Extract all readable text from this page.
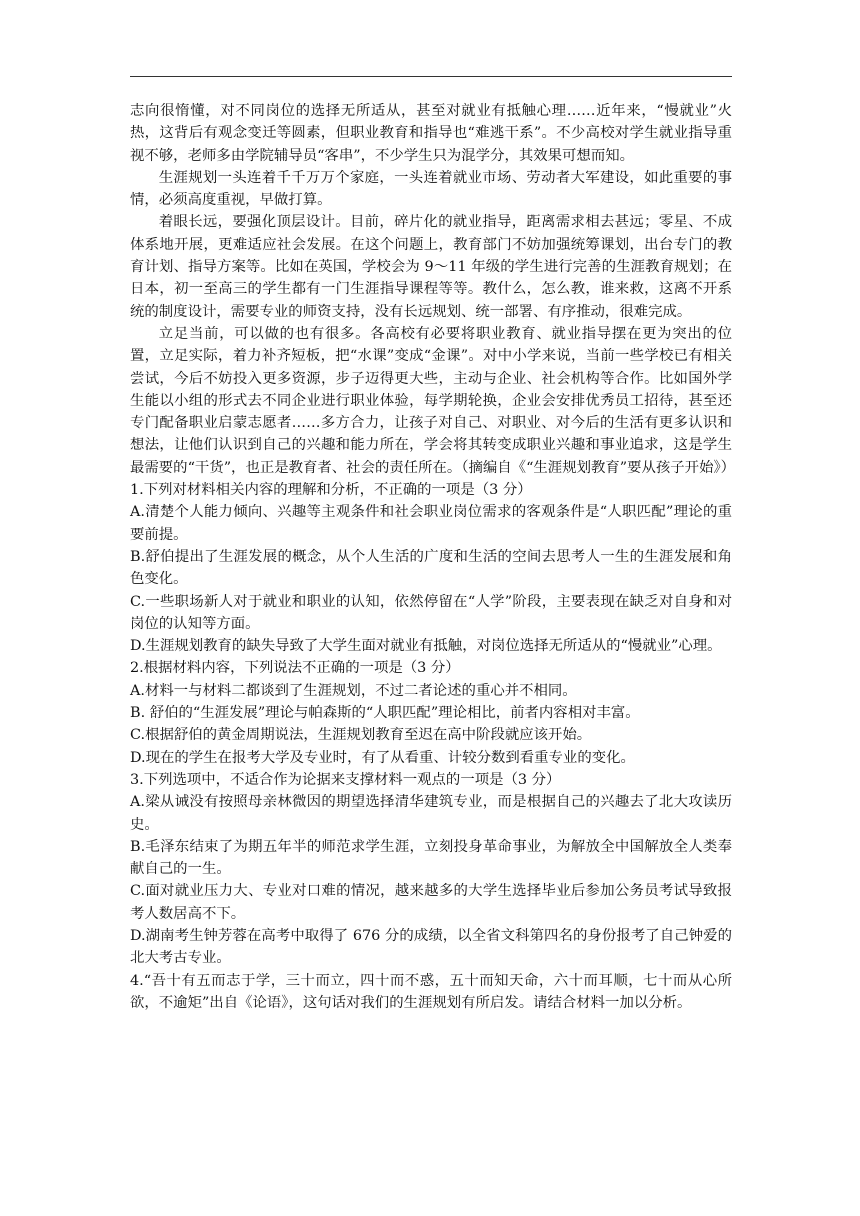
志向很惰懂，对不同岗位的选择无所适从，甚至对就业有抵触心理……近年来，“慢就业”火热，这背后有观念变迁等圆素，但职业教育和指导也“难逃干系”。不少高校对学生就业指导重视不够，老师多由学院辅导员“客串”，不少学生只为混学分，其效果可想而知。

生涯规划一头连着千千万万个家庭，一头连着就业市场、劳动者大军建设，如此重要的事情，必须高度重视，早做打算。

着眼长远，要强化顶层设计。目前，碎片化的就业指导，距离需求相去甚远；零星、不成体系地开展，更难适应社会发展。在这个问题上，教育部门不妨加强统筹课划，出台专门的教育计划、指导方案等。比如在英国，学校会为 9～11 年级的学生进行完善的生涯教育规划；在日本，初一至高三的学生都有一门生涯指导课程等等。教什么，怎么教，谁来救，这离不开系统的制度设计，需要专业的师资支持，没有长远规划、统一部署、有序推动，很难完成。

立足当前，可以做的也有很多。各高校有必要将职业教育、就业指导摆在更为突出的位置，立足实际，着力补齐短板，把“水课”变成“金课”。对中小学来说，当前一些学校已有相关尝试，今后不妨投入更多资源，步子迈得更大些，主动与企业、社会机构等合作。比如国外学生能以小组的形式去不同企业进行职业体验，每学期轮换，企业会安排优秀员工招待，甚至还专门配备职业启蒙志愿者……多方合力，让孩子对自己、对职业、对今后的生活有更多认识和想法，让他们认识到自己的兴趣和能力所在，学会将其转变成职业兴趣和事业追求，这是学生最需要的“干货”，也正是教育者、社会的责任所在。（摘编自《“生涯规划教育”要从孩子开始》）

1.下列对材料相关内容的理解和分析，不正确的一项是（3 分）

A.清楚个人能力倾向、兴趣等主观条件和社会职业岗位需求的客观条件是“人职匹配”理论的重要前提。

B.舒伯提出了生涯发展的概念，从个人生活的广度和生活的空间去思考人一生的生涯发展和角色变化。

C.一些职场新人对于就业和职业的认知，依然停留在“人学”阶段，主要表现在缺乏对自身和对岗位的认知等方面。

D.生涯规划教育的缺失导致了大学生面对就业有抵触，对岗位选择无所适从的“慢就业”心理。

2.根据材料内容，下列说法不正确的一项是（3 分）

A.材料一与材料二都谈到了生涯规划，不过二者论述的重心并不相同。

B. 舒伯的“生涯发展”理论与帕森斯的“人职匹配”理论相比，前者内容相对丰富。

C.根据舒伯的黄金周期说法，生涯规划教育至迟在高中阶段就应该开始。

D.现在的学生在报考大学及专业时，有了从看重、计较分数到看重专业的变化。

3.下列选项中，不适合作为论据来支撑材料一观点的一项是（3 分）

A.梁从诫没有按照母亲林微因的期望选择清华建筑专业，而是根据自己的兴趣去了北大攻读历史。

B.毛泽东结束了为期五年半的师范求学生涯，立刻投身革命事业，为解放全中国解放全人类奉献自己的一生。

C.面对就业压力大、专业对口难的情况，越来越多的大学生选择毕业后参加公务员考试导致报考人数居高不下。

D.湖南考生钟芳蓉在高考中取得了 676 分的成绩，以全省文科第四名的身份报考了自己钟爱的北大考古专业。

4.“吾十有五而志于学，三十而立，四十而不惑，五十而知天命，六十而耳顺，七十而从心所欲，不逾矩”出自《论语》，这句话对我们的生涯规划有所启发。请结合材料一加以分析。
